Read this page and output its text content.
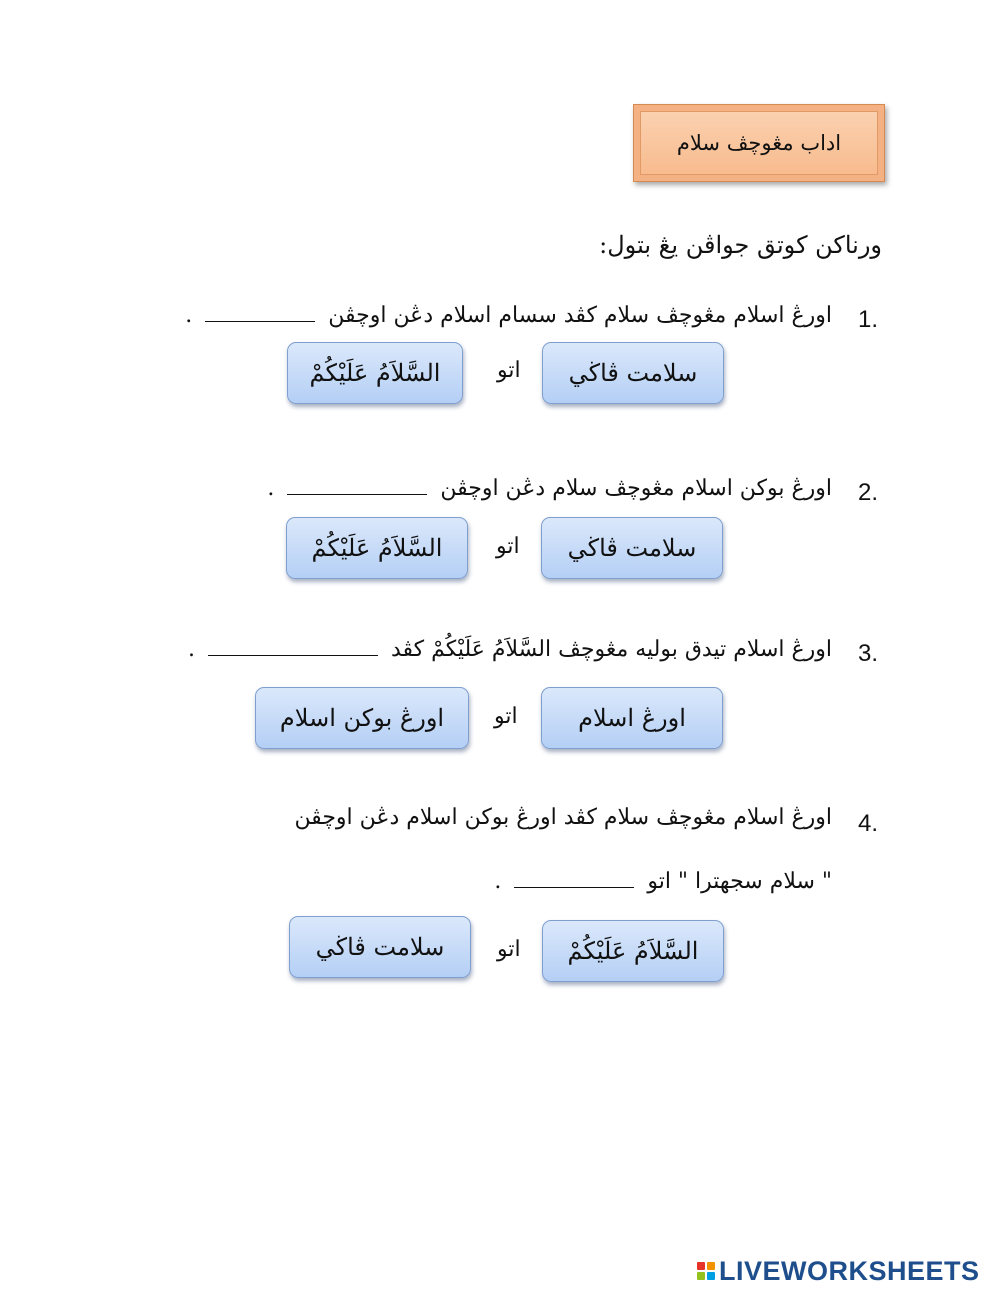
اداب مڠوچڤ سلام
ورناکن کوتق جواڤن يڠ بتول:
1.
اورڠ اسلام مڠوچڤ سلام کڤد سسام اسلام دڠن اوچڤن  .
سلامت ڤاڬي
اتو
السَّلاَمُ عَلَيْكُمْ
2.
اورڠ بوکن اسلام مڠوچڤ سلام دڠن اوچڤن  .
سلامت ڤاڬي
اتو
السَّلاَمُ عَلَيْكُمْ
3.
اورڠ اسلام تيدق بوليه مڠوچڤ السَّلاَمُ عَلَيْكُمْ کڤد  .
اورڠ اسلام
اتو
اورڠ بوکن اسلام
4.
اورڠ اسلام مڠوچڤ سلام کڤد اورڠ بوکن اسلام دڠن اوچڤن
" سلام سجهترا " اتو  .
السَّلاَمُ عَلَيْكُمْ
اتو
سلامت ڤاڬي
LIVEWORKSHEETS
